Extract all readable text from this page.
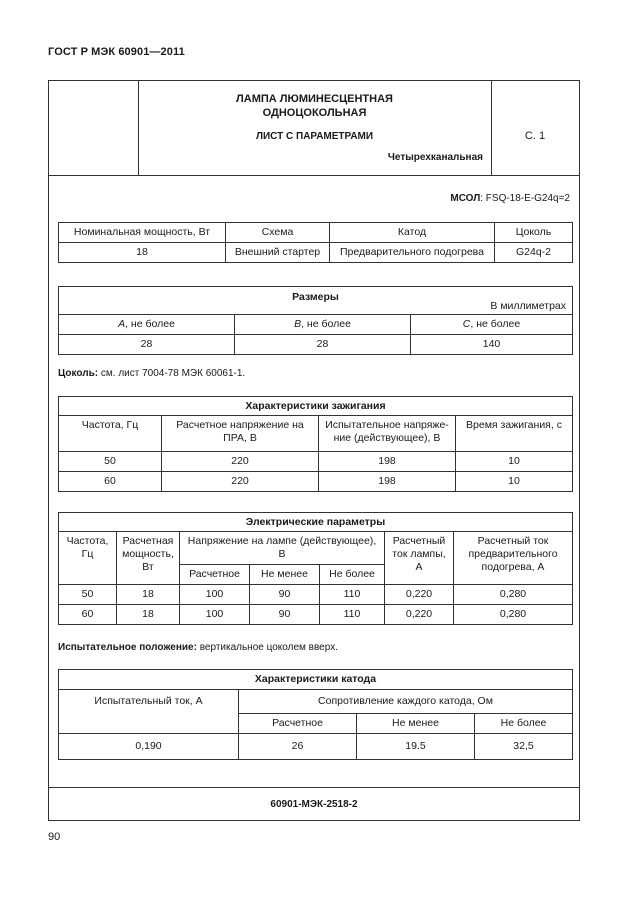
ГОСТ Р МЭК 60901—2011
ЛАМПА ЛЮМИНЕСЦЕНТНАЯ
ОДНОЦОКОЛЬНАЯ
ЛИСТ С ПАРАМЕТРАМИ
Четырехканальная
С. 1
МСОЛ: FSQ-18-E-G24q=2
Номинальная мощность, Вт	Схема	Катод	Цоколь
18	Внешний стартер	Предварительного подогрева	G24q-2
Размеры
В миллиметрах		

A, не более	B, не более	C, не более
28	28	140
Цоколь: см. лист 7004-78 МЭК 60061-1.
Характеристики зажигания			
Частота, Гц	Расчетное напряжение на ПРА, В	Испытательное напряже-ние (действующее), В	Время зажигания, с
50	220	198	10
60	220	198	10
Электрические параметры						
Частота, Гц	Расчетная мощность, Вт	Напряжение на лампе (действующее), В			Расчетный ток лампы, А	Расчетный ток предварительного подогрева, А
		Расчетное	Не менее	Не более		
50	18	100	90	110	0,220	0,280
60	18	100	90	110	0,220	0,280
Испытательное положение: вертикальное цоколем вверх.
Характеристики катода			
Испытательный ток, А	Сопротивление каждого катода, Ом		
	Расчетное	Не менее	Не более
0,190	26	19.5	32,5
60901-МЭК-2518-2
90
